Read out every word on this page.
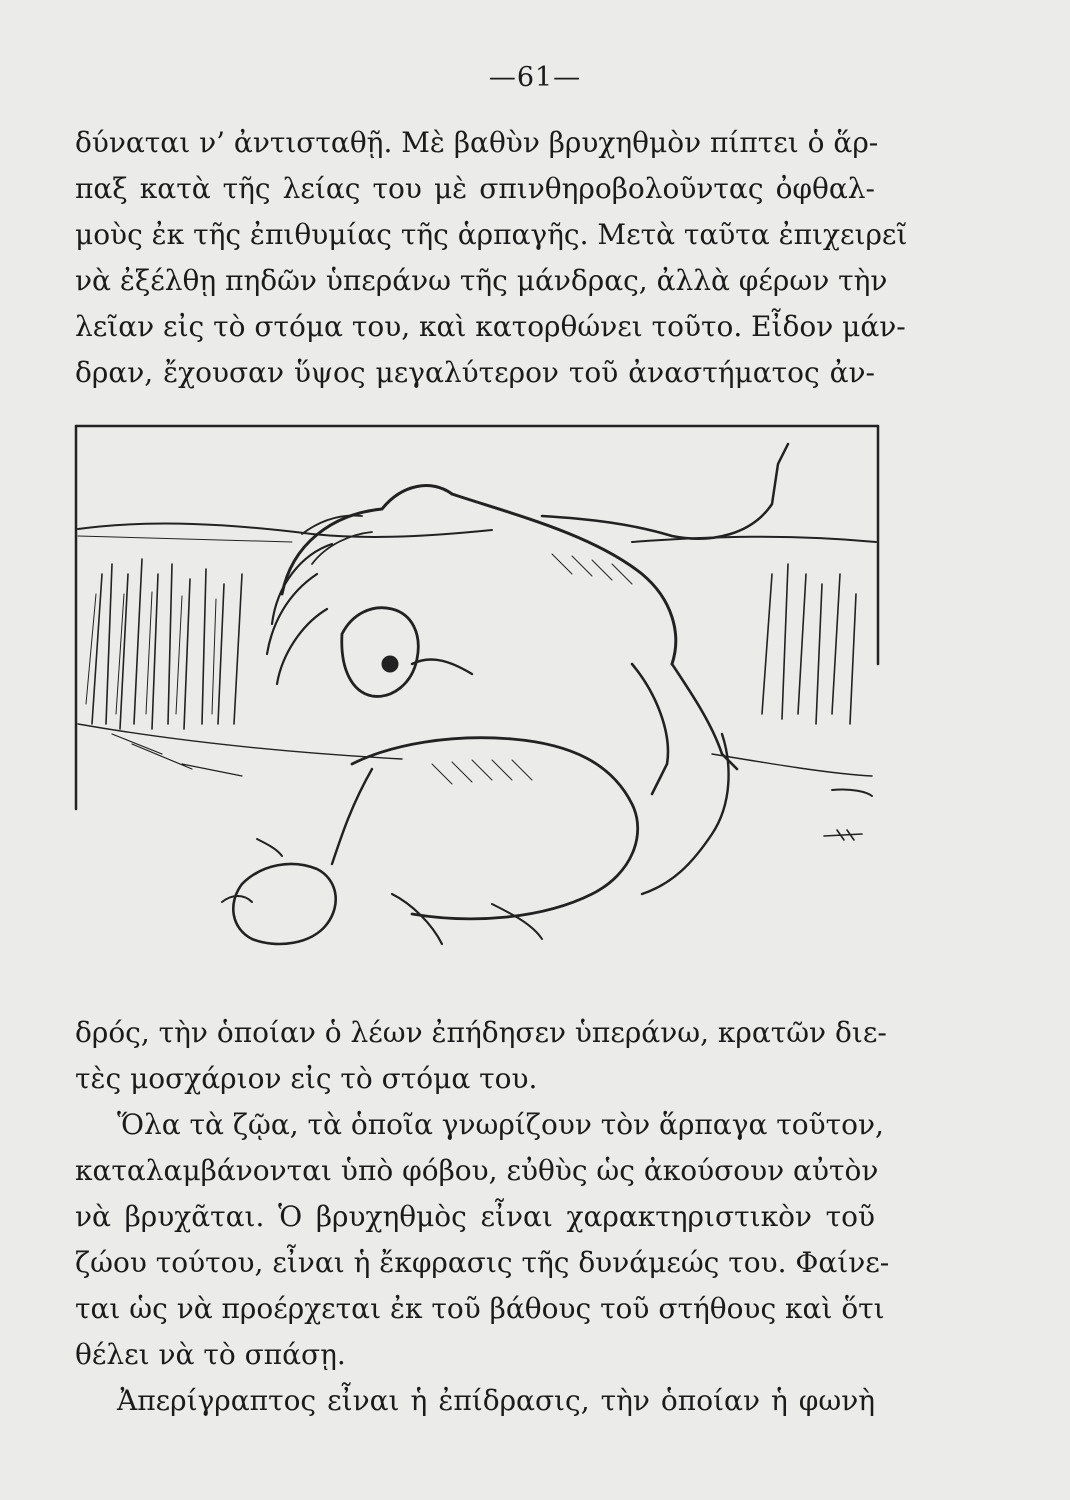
—61—
δύναται ν’ ἀντισταθῇ. Μὲ βαθὺν βρυχηθμὸν πίπτει ὁ ἅρ-
παξ κατὰ τῆς λείας του μὲ σπινθηροβολοῦντας ὀφθαλ-
μοὺς ἐκ τῆς ἐπιθυμίας τῆς ἁρπαγῆς. Μετὰ ταῦτα ἐπιχειρεῖ
νὰ ἐξέλθῃ πηδῶν ὑπεράνω τῆς μάνδρας, ἀλλὰ φέρων τὴν
λεῖαν εἰς τὸ στόμα του, καὶ κατορθώνει τοῦτο. Εἶδον μάν-
δραν, ἔχουσαν ὕψος μεγαλύτερον τοῦ ἀναστήματος ἀν-
δρός, τὴν ὁποίαν ὁ λέων ἐπήδησεν ὑπεράνω, κρατῶν διε-
τὲς μοσχάριον εἰς τὸ στόμα του.
Ὅλα τὰ ζῷα, τὰ ὁποῖα γνωρίζουν τὸν ἅρπαγα τοῦτον,
καταλαμβάνονται ὑπὸ φόβου, εὐθὺς ὡς ἀκούσουν αὐτὸν
νὰ βρυχᾶται. Ὁ βρυχηθμὸς εἶναι χαρακτηριστικὸν τοῦ
ζώου τούτου, εἶναι ἡ ἔκφρασις τῆς δυνάμεώς του. Φαίνε-
ται ὡς νὰ προέρχεται ἐκ τοῦ βάθους τοῦ στήθους καὶ ὅτι
θέλει νὰ τὸ σπάσῃ.
Ἀπερίγραπτος εἶναι ἡ ἐπίδρασις, τὴν ὁποίαν ἡ φωνὴ
